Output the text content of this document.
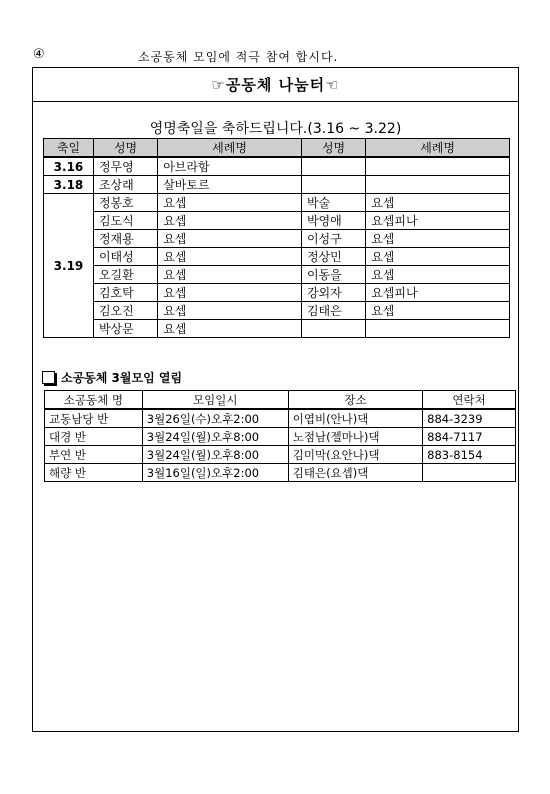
④	소공동체 모임에 적극 참여 합시다.
☞공동체 나눔터☜
영명축일을 축하드립니다.(3.16 ~ 3.22)
축일	성명	세례명	성명	세례명
3.16	정무영	아브라함		
3.18	조상래	살바토르		
3.19	정봉호	요셉	박술	요셉
	김도식	요셉	박영애	요셉피나
	정재용	요셉	이성구	요셉
	이태성	요셉	정상민	요셉
	오길환	요셉	이동을	요셉
	김호탁	요셉	강외자	요셉피나
	김오진	요셉	김태은	요셉
	박상문	요셉		
소공동체 3월모임 열림
소공동체 명	모임일시	장소	연락처
교동남당 반	3월26일(수)오후2:00	이엽비(안나)댁	884-3239
대경 반	3월24일(월)오후8:00	노점남(젤마나)댁	884-7117
부연 반	3월24일(월)오후8:00	김미막(요안나)댁	883-8154
해량 반	3월16일(일)오후2:00	김태은(요셉)댁	
